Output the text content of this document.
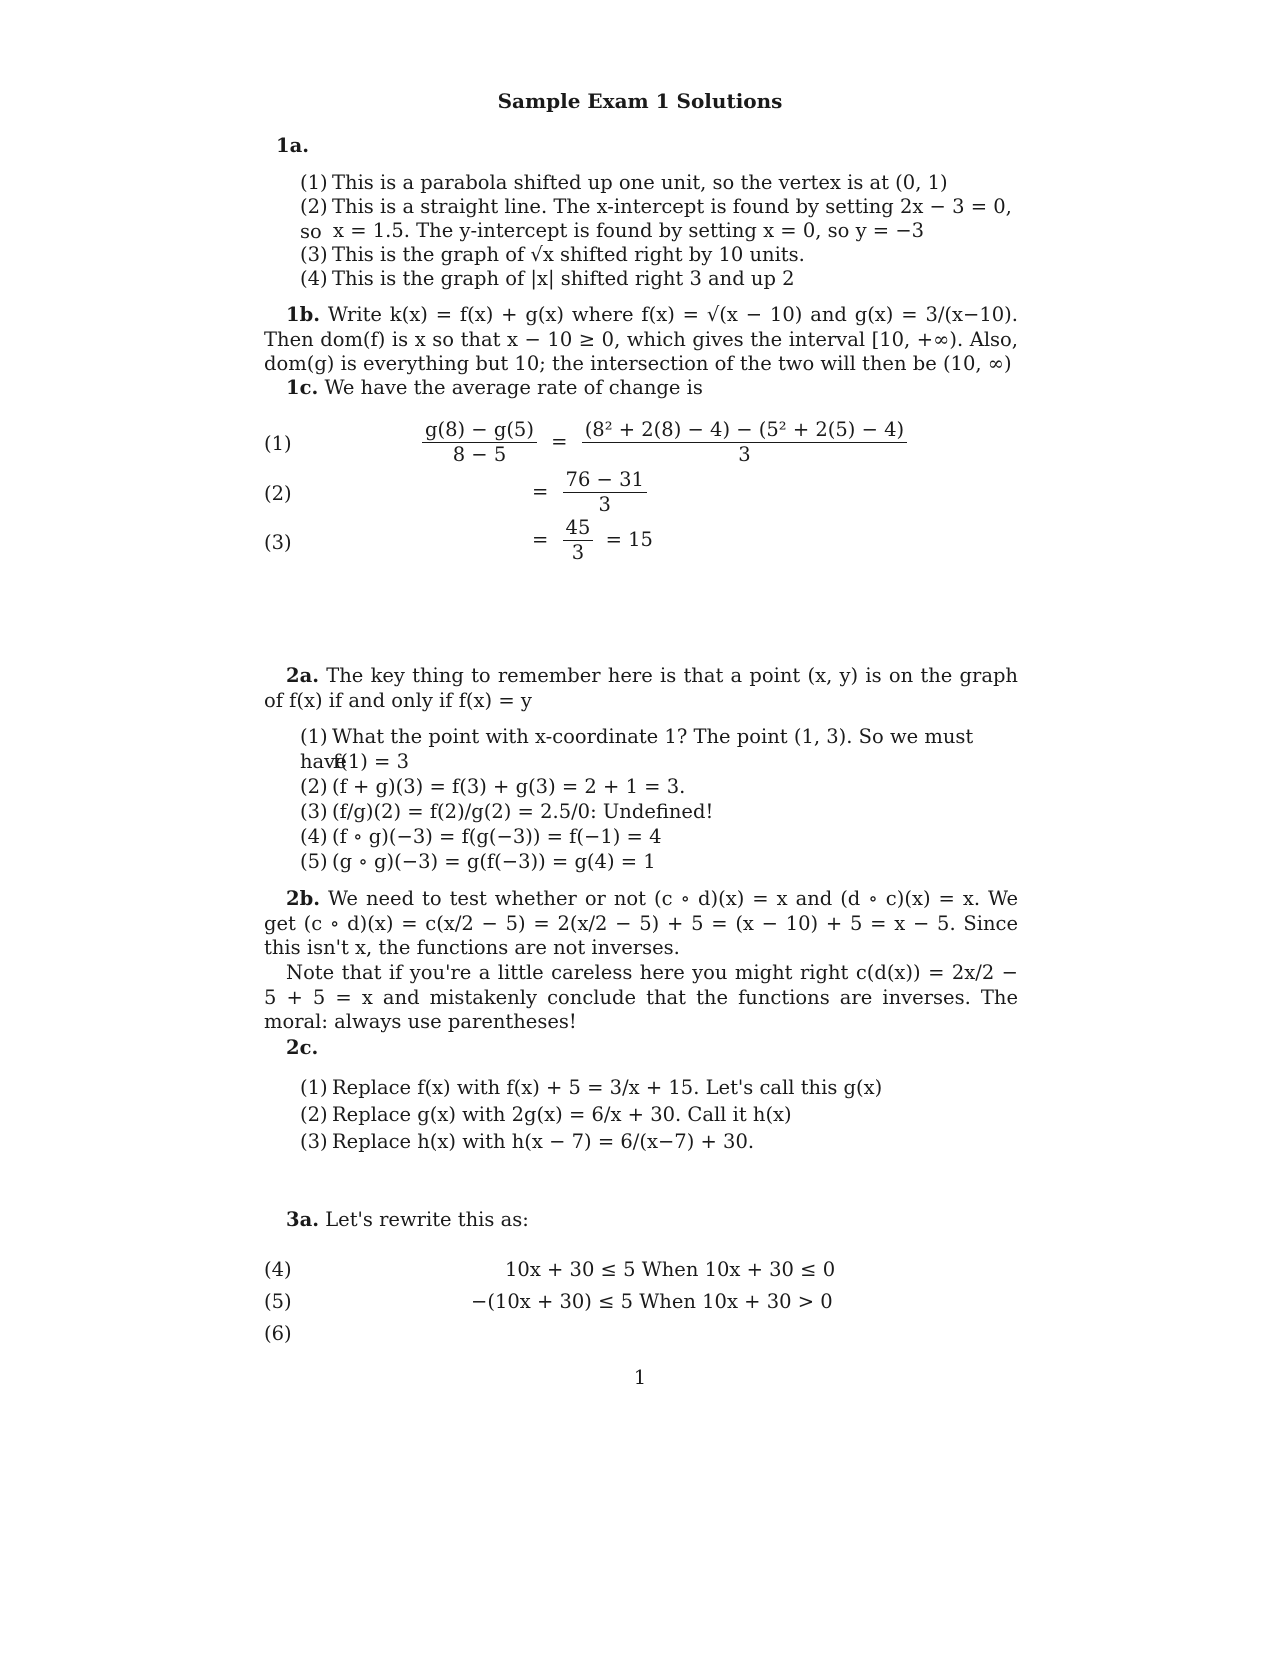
Sample Exam 1 Solutions
1a.
(1) This is a parabola shifted up one unit, so the vertex is at (0, 1)
(2) This is a straight line. The x-intercept is found by setting 2x − 3 = 0, so x = 1.5. The y-intercept is found by setting x = 0, so y = −3
(3) This is the graph of √x shifted right by 10 units.
(4) This is the graph of |x| shifted right 3 and up 2
1b. Write k(x) = f(x) + g(x) where f(x) = √(x − 10) and g(x) = 3/(x−10). Then dom(f) is x so that x − 10 ≥ 0, which gives the interval [10, +∞). Also, dom(g) is everything but 10; the intersection of the two will then be (10, ∞)
1c. We have the average rate of change is
(1)
(2)
(3)
$\frac{g(8) - g(5)}{8 - 5} = \frac{\text{(8² + 2(8) − 4) − (5² + 2(5) − 4)}}{3}$
= $\frac{76 - 31}{3}$
= $\frac{45}{3} = 15$
2a. The key thing to remember here is that a point (x, y) is on the graph of f(x) if and only if f(x) = y
(1) What the point with x-coordinate 1? The point (1, 3). So we must have
f(1) = 3
(2) (f + g)(3) = f(3) + g(3) = 2 + 1 = 3.
(3) (f/g)(2) = f(2)/g(2) = 2.5/0: Undefined!
(4) (f ∘ g)(−3) = f(g(−3)) = f(−1) = 4
(5) (g ∘ g)(−3) = g(f(−3)) = g(4) = 1
2b. We need to test whether or not (c ∘ d)(x) = x and (d ∘ c)(x) = x. We get (c ∘ d)(x) = c(x/2 − 5) = 2(x/2 − 5) + 5 = (x − 10) + 5 = x − 5. Since this isn't x, the functions are not inverses.
Note that if you're a little careless here you might right c(d(x)) = 2x/2 − 5 + 5 = x and mistakenly conclude that the functions are inverses. The moral: always use parentheses!
2c.
(1) Replace f(x) with f(x) + 5 = 3/x + 15. Let's call this g(x)
(2) Replace g(x) with 2g(x) = 6/x + 30. Call it h(x)
(3) Replace h(x) with h(x − 7) = 6/(x−7) + 30.
3a. Let's rewrite this as:
(4)
(5)
(6)
10x + 30 ≤ 5 When 10x + 30 ≤ 0
−(10x + 30) ≤ 5 When 10x + 30 > 0
1
